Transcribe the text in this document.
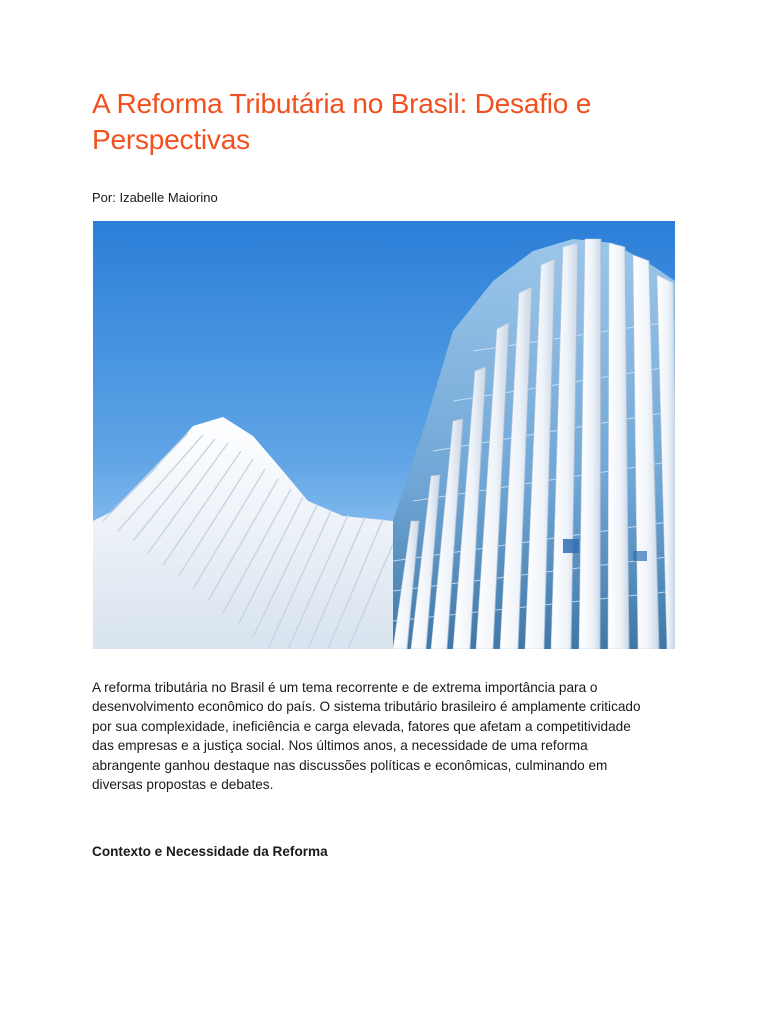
A Reforma Tributária no Brasil: Desafio e Perspectivas

Por: Izabelle Maiorino

A reforma tributária no Brasil é um tema recorrente e de extrema importância para o desenvolvimento econômico do país. O sistema tributário brasileiro é amplamente criticado por sua complexidade, ineficiência e carga elevada, fatores que afetam a competitividade das empresas e a justiça social. Nos últimos anos, a necessidade de uma reforma abrangente ganhou destaque nas discussões políticas e econômicas, culminando em diversas propostas e debates.

Contexto e Necessidade da Reforma
